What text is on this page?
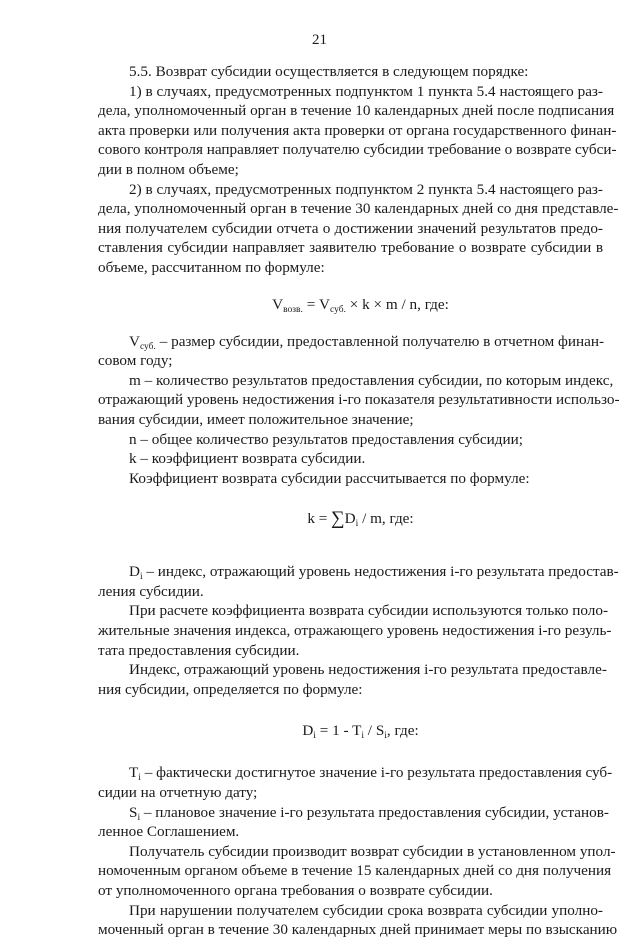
21
5.5. Возврат субсидии осуществляется в следующем порядке:
1) в случаях, предусмотренных подпунктом 1 пункта 5.4 настоящего раз-
дела, уполномоченный орган в течение 10 календарных дней после подписания
акта проверки или получения акта проверки от органа государственного финан-
сового контроля направляет получателю субсидии требование о возврате субси-
дии в полном объеме;
2) в случаях, предусмотренных подпунктом 2 пункта 5.4 настоящего раз-
дела, уполномоченный орган в течение 30 календарных дней со дня представле-
ния получателем субсидии отчета о достижении значений результатов предо-
ставления субсидии направляет заявителю требование о возврате субсидии в
объеме, рассчитанном по формуле:
$V_{возв.} = V_{суб.} \times k \times m / n$, где:
$V_{суб.}$ – размер субсидии, предоставленной получателю в отчетном финан-
совом году;
m – количество результатов предоставления субсидии, по которым индекс,
отражающий уровень недостижения i-го показателя результативности использо-
вания субсидии, имеет положительное значение;
n – общее количество результатов предоставления субсидии;
k – коэффициент возврата субсидии.
Коэффициент возврата субсидии рассчитывается по формуле:
$k = \sum D_i / m$, где:
$D_i$ – индекс, отражающий уровень недостижения i-го результата предостав-
ления субсидии.
При расчете коэффициента возврата субсидии используются только поло-
жительные значения индекса, отражающего уровень недостижения i-го резуль-
тата предоставления субсидии.
Индекс, отражающий уровень недостижения i-го результата предоставле-
ния субсидии, определяется по формуле:
$D_i = 1 - T_i / S_i$, где:
$T_i$ – фактически достигнутое значение i-го результата предоставления суб-
сидии на отчетную дату;
$S_i$ – плановое значение i-го результата предоставления субсидии, установ-
ленное Соглашением.
Получатель субсидии производит возврат субсидии в установленном упол-
номоченным органом объеме в течение 15 календарных дней со дня получения
от уполномоченного органа требования о возврате субсидии.
При нарушении получателем субсидии срока возврата субсидии уполно-
моченный орган в течение 30 календарных дней принимает меры по взысканию
